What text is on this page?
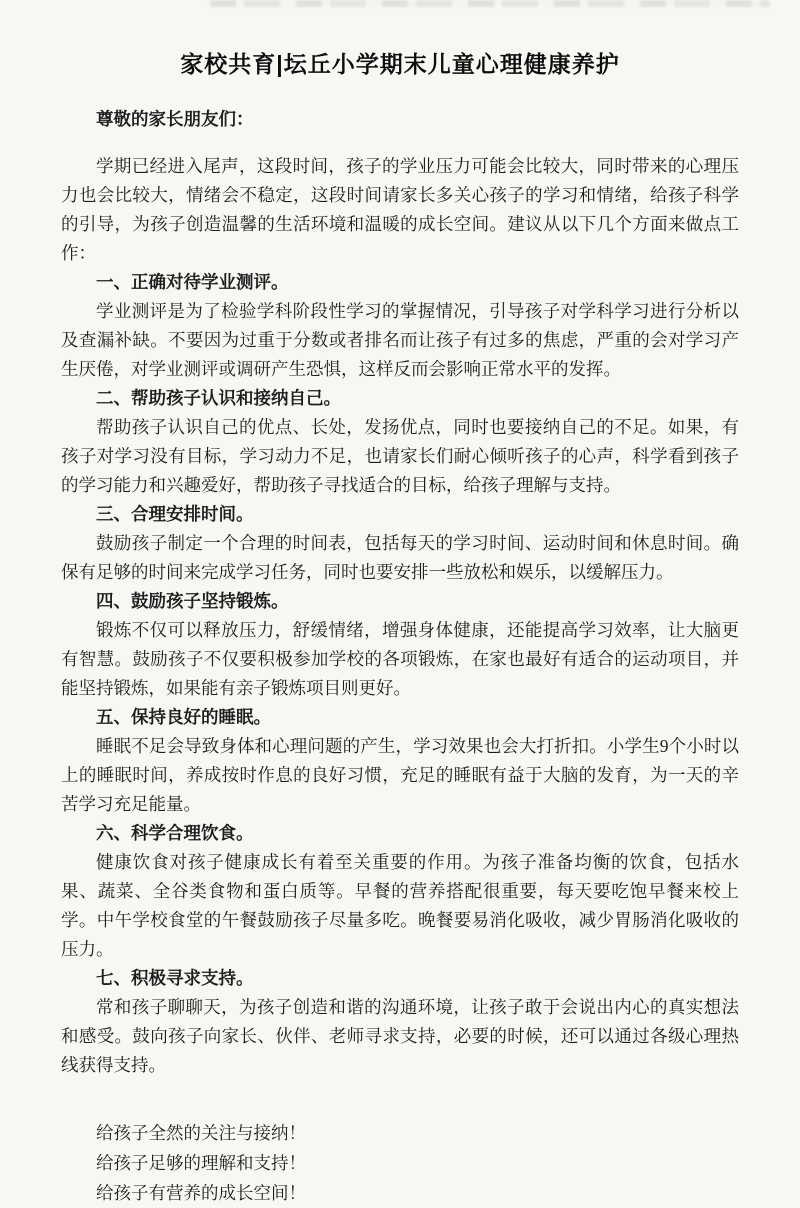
家校共育|坛丘小学期末儿童心理健康养护

尊敬的家长朋友们：

学期已经进入尾声，这段时间，孩子的学业压力可能会比较大，同时带来的心理压力也会比较大，情绪会不稳定，这段时间请家长多关心孩子的学习和情绪，给孩子科学的引导，为孩子创造温馨的生活环境和温暖的成长空间。建议从以下几个方面来做点工作：

一、正确对待学业测评。

学业测评是为了检验学科阶段性学习的掌握情况，引导孩子对学科学习进行分析以及查漏补缺。不要因为过重于分数或者排名而让孩子有过多的焦虑，严重的会对学习产生厌倦，对学业测评或调研产生恐惧，这样反而会影响正常水平的发挥。

二、帮助孩子认识和接纳自己。

帮助孩子认识自己的优点、长处，发扬优点，同时也要接纳自己的不足。如果，有孩子对学习没有目标，学习动力不足，也请家长们耐心倾听孩子的心声，科学看到孩子的学习能力和兴趣爱好，帮助孩子寻找适合的目标，给孩子理解与支持。

三、合理安排时间。

鼓励孩子制定一个合理的时间表，包括每天的学习时间、运动时间和休息时间。确保有足够的时间来完成学习任务，同时也要安排一些放松和娱乐，以缓解压力。

四、鼓励孩子坚持锻炼。

锻炼不仅可以释放压力，舒缓情绪，增强身体健康，还能提高学习效率，让大脑更有智慧。鼓励孩子不仅要积极参加学校的各项锻炼，在家也最好有适合的运动项目，并能坚持锻炼，如果能有亲子锻炼项目则更好。

五、保持良好的睡眠。

睡眠不足会导致身体和心理问题的产生，学习效果也会大打折扣。小学生9个小时以上的睡眠时间，养成按时作息的良好习惯，充足的睡眠有益于大脑的发育，为一天的辛苦学习充足能量。

六、科学合理饮食。

健康饮食对孩子健康成长有着至关重要的作用。为孩子准备均衡的饮食，包括水果、蔬菜、全谷类食物和蛋白质等。早餐的营养搭配很重要，每天要吃饱早餐来校上学。中午学校食堂的午餐鼓励孩子尽量多吃。晚餐要易消化吸收，减少胃肠消化吸收的压力。

七、积极寻求支持。

常和孩子聊聊天，为孩子创造和谐的沟通环境，让孩子敢于会说出内心的真实想法和感受。鼓向孩子向家长、伙伴、老师寻求支持，必要的时候，还可以通过各级心理热线获得支持。

给孩子全然的关注与接纳！

给孩子足够的理解和支持！

给孩子有营养的成长空间！
